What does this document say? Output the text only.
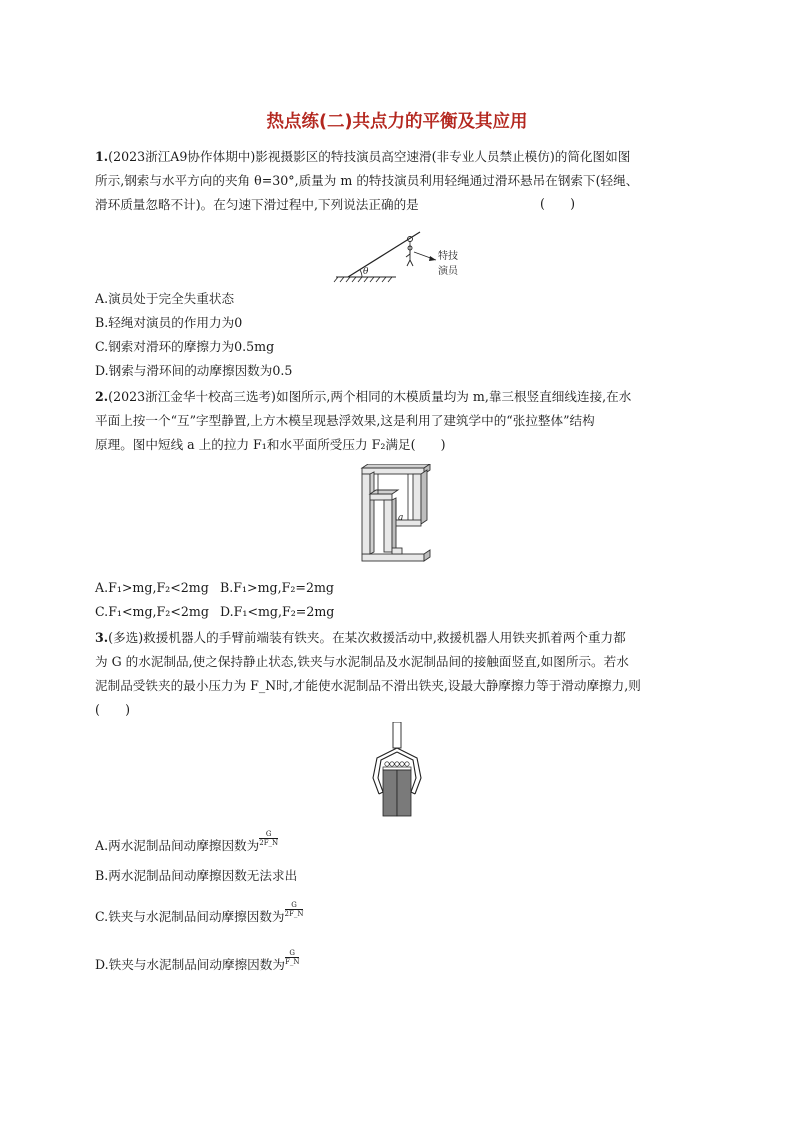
热点练(二)共点力的平衡及其应用
1.(2023浙江A9协作体期中)影视摄影区的特技演员高空速滑(非专业人员禁止模仿)的简化图如图
所示,钢索与水平方向的夹角 θ=30°,质量为 m 的特技演员利用轻绳通过滑环悬吊在钢索下(轻绳、
滑环质量忽略不计)。在匀速下滑过程中,下列说法正确的是	(　　)
θ
特技
演员
A.演员处于完全失重状态
B.轻绳对演员的作用力为0
C.钢索对滑环的摩擦力为0.5mg
D.钢索与滑环间的动摩擦因数为0.5
2.(2023浙江金华十校高三选考)如图所示,两个相同的木模质量均为 m,靠三根竖直细线连接,在水
平面上按一个“互”字型静置,上方木模呈现悬浮效果,这是利用了建筑学中的“张拉整体”结构
原理。图中短线 a 上的拉力 F₁和水平面所受压力 F₂满足(　　)
a
A.F₁>mg,F₂<2mg B.F₁>mg,F₂=2mg
C.F₁<mg,F₂<2mg D.F₁<mg,F₂=2mg
3.(多选)救援机器人的手臂前端装有铁夹。在某次救援活动中,救援机器人用铁夹抓着两个重力都
为 G 的水泥制品,使之保持静止状态,铁夹与水泥制品及水泥制品间的接触面竖直,如图所示。若水
泥制品受铁夹的最小压力为 F_N时,才能使水泥制品不滑出铁夹,设最大静摩擦力等于滑动摩擦力,则
(　　)
A.两水泥制品间动摩擦因数为 $\frac{G}{2F\_N}$
B.两水泥制品间动摩擦因数无法求出
C.铁夹与水泥制品间动摩擦因数为 $\frac{G}{2F\_N}$
D.铁夹与水泥制品间动摩擦因数为 $\frac{G}{F\_N}$
